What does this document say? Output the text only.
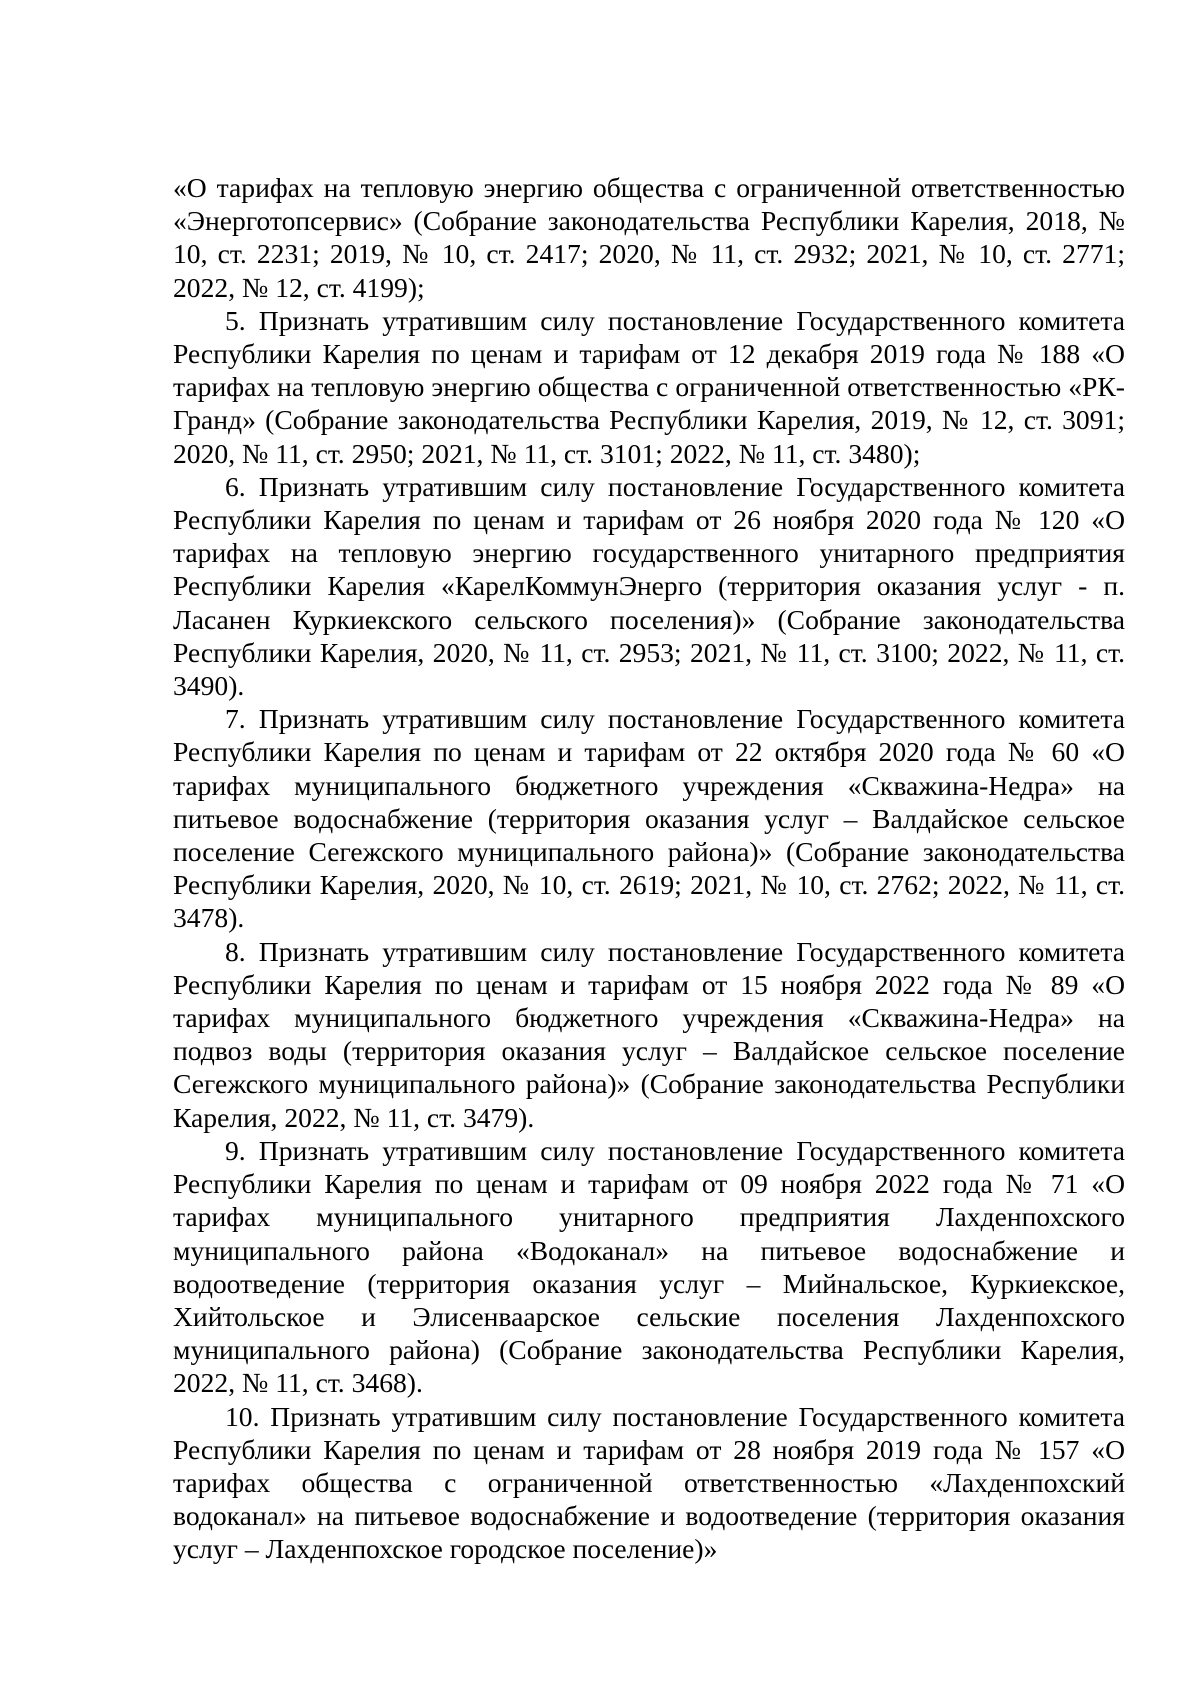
«О тарифах на тепловую энергию общества с ограниченной ответственностью «Энерготопсервис» (Собрание законодательства Республики Карелия, 2018, № 10, ст. 2231; 2019, № 10, ст. 2417; 2020, № 11, ст. 2932; 2021, № 10, ст. 2771; 2022, № 12, ст. 4199);

5. Признать утратившим силу постановление Государственного комитета Республики Карелия по ценам и тарифам от 12 декабря 2019 года № 188 «О тарифах на тепловую энергию общества с ограниченной ответственностью «РК-Гранд» (Собрание законодательства Республики Карелия, 2019, № 12, ст. 3091; 2020, № 11, ст. 2950; 2021, № 11, ст. 3101; 2022, № 11, ст. 3480);

6. Признать утратившим силу постановление Государственного комитета Республики Карелия по ценам и тарифам от 26 ноября 2020 года № 120 «О тарифах на тепловую энергию государственного унитарного предприятия Республики Карелия «КарелКоммунЭнерго (территория оказания услуг - п. Ласанен Куркиекского сельского поселения)» (Собрание законодательства Республики Карелия, 2020, № 11, ст. 2953; 2021, № 11, ст. 3100; 2022, № 11, ст. 3490).

7. Признать утратившим силу постановление Государственного комитета Республики Карелия по ценам и тарифам от 22 октября 2020 года № 60 «О тарифах муниципального бюджетного учреждения «Скважина-Недра» на питьевое водоснабжение (территория оказания услуг – Валдайское сельское поселение Сегежского муниципального района)» (Собрание законодательства Республики Карелия, 2020, № 10, ст. 2619; 2021, № 10, ст. 2762; 2022, № 11, ст. 3478).

8. Признать утратившим силу постановление Государственного комитета Республики Карелия по ценам и тарифам от 15 ноября 2022 года № 89 «О тарифах муниципального бюджетного учреждения «Скважина-Недра» на подвоз воды (территория оказания услуг – Валдайское сельское поселение Сегежского муниципального района)» (Собрание законодательства Республики Карелия, 2022, № 11, ст. 3479).

9. Признать утратившим силу постановление Государственного комитета Республики Карелия по ценам и тарифам от 09 ноября 2022 года № 71 «О тарифах муниципального унитарного предприятия Лахденпохского муниципального района «Водоканал» на питьевое водоснабжение и водоотведение (территория оказания услуг – Мийнальское, Куркиекское, Хийтольское и Элисенваарское сельские поселения Лахденпохского муниципального района) (Собрание законодательства Республики Карелия, 2022, № 11, ст. 3468).

10. Признать утратившим силу постановление Государственного комитета Республики Карелия по ценам и тарифам от 28 ноября 2019 года № 157 «О тарифах общества с ограниченной ответственностью «Лахденпохский водоканал» на питьевое водоснабжение и водоотведение (территория оказания услуг – Лахденпохское городское поселение)»
